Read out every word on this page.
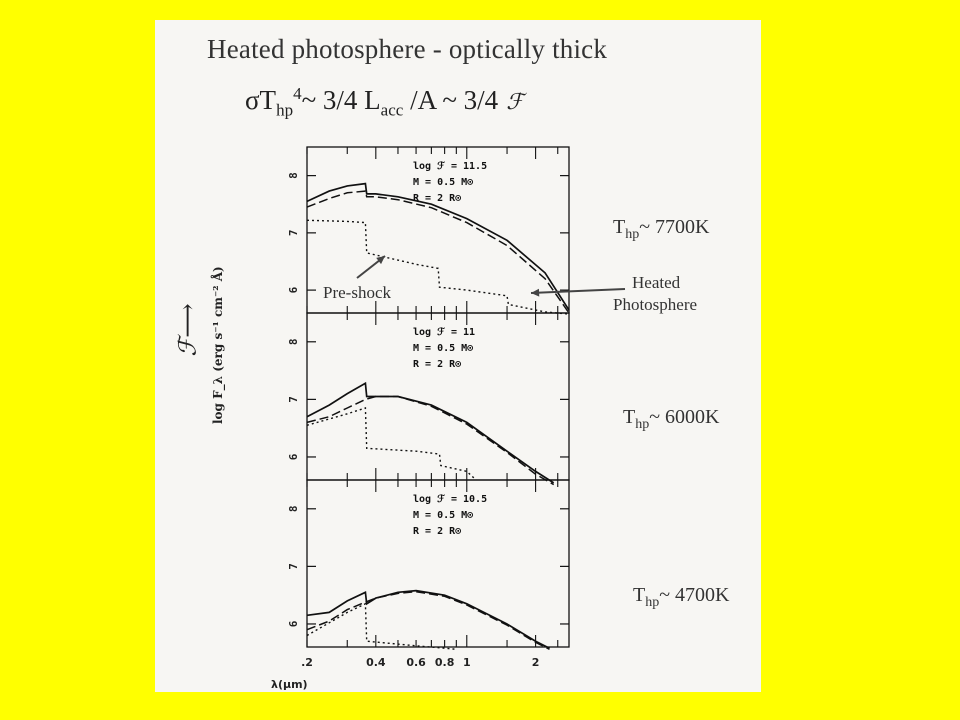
Heated photosphere - optically thick
$\sigma T_{hp}^4\sim$ 3/4 $L_{acc}$ /A ~ 3/4 ℱ
ℱ⟶ log F_λ (erg s⁻¹ cm⁻² Å)
$T_{hp}\sim$ 7700K
$T_{hp}\sim$ 6000K
$T_{hp}\sim$ 4700K
6
7
8
log ℱ = 11.5
M = 0.5 M⊙
R = 2 R⊙
6
7
8
log ℱ = 11
M = 0.5 M⊙
R = 2 R⊙
6
7
8
log ℱ = 10.5
M = 0.5 M⊙
R = 2 R⊙
.2	0.4 0.6 0.8 1	2
Pre-shock
Heated
Photosphere
λ(μm)
